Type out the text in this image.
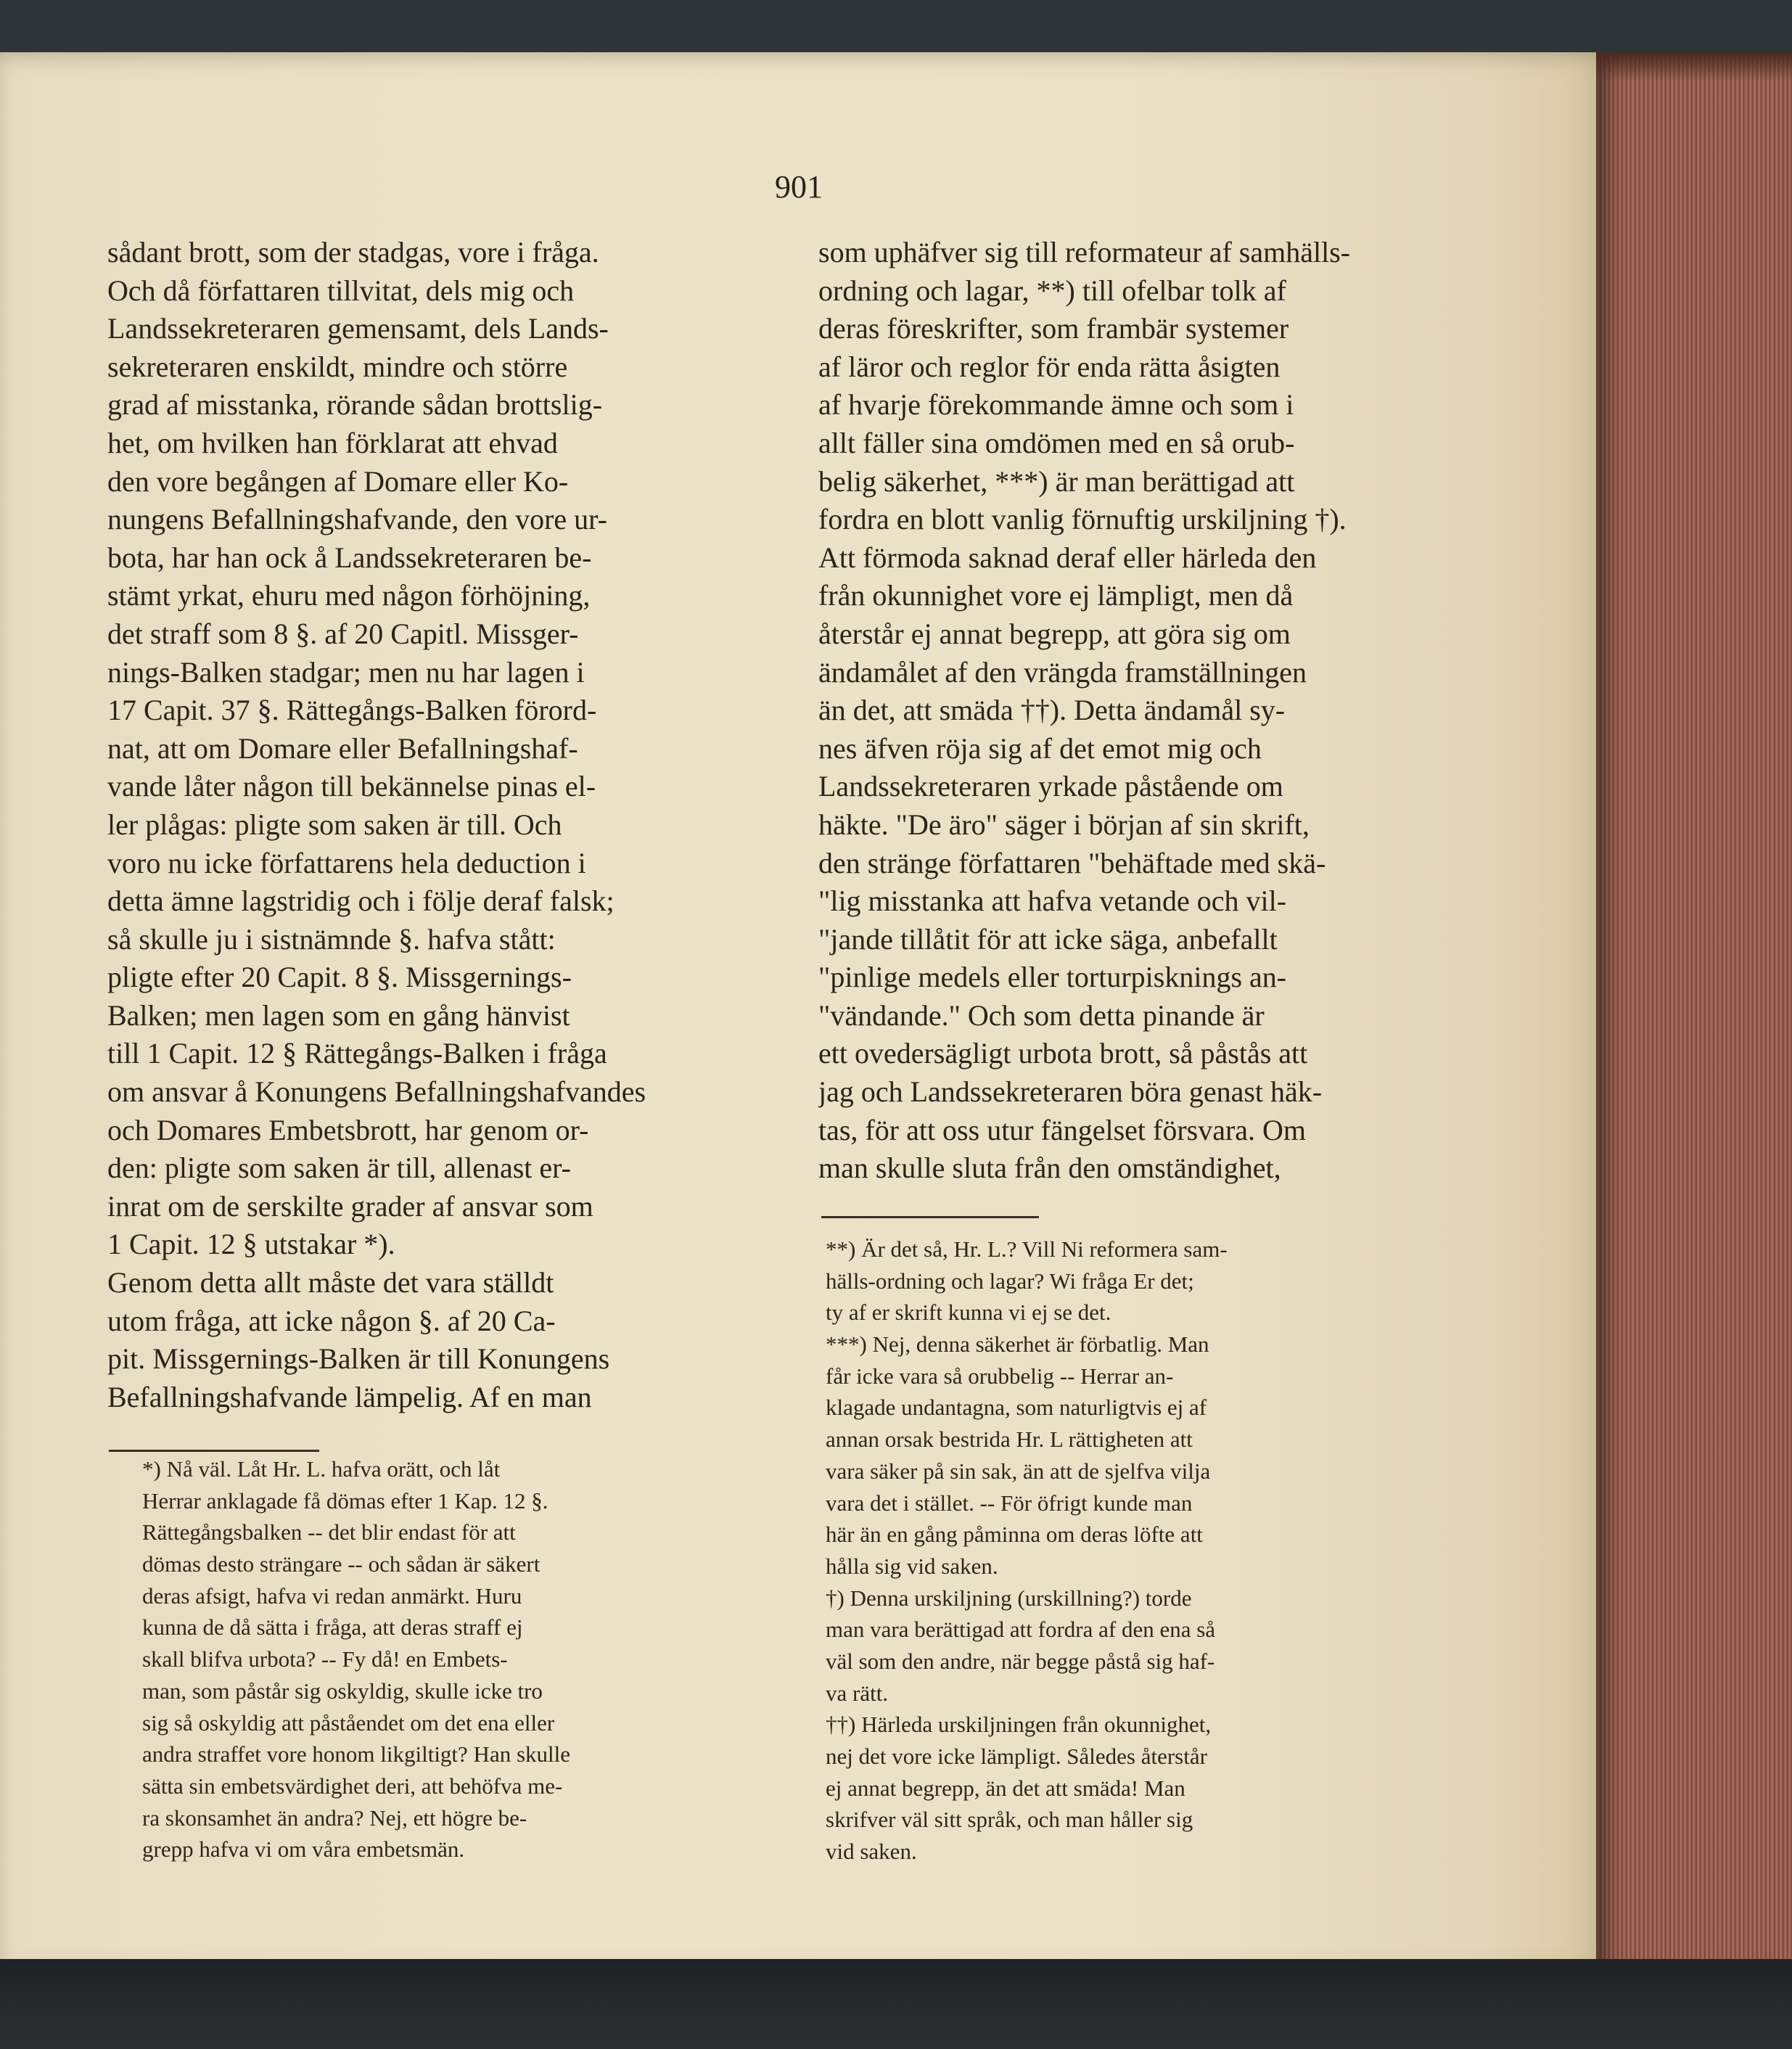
901
sådant brott, som der stadgas, vore i fråga.
Och då författaren tillvitat, dels mig och
Landssekreteraren gemensamt, dels Lands-
sekreteraren enskildt, mindre och större
grad af misstanka, rörande sådan brottslig-
het, om hvilken han förklarat att ehvad
den vore begången af Domare eller Ko-
nungens Befallningshafvande, den vore ur-
bota, har han ock å Landssekreteraren be-
stämt yrkat, ehuru med någon förhöjning,
det straff som 8 §. af 20 Capitl. Missger-
nings-Balken stadgar; men nu har lagen i
17 Capit. 37 §. Rättegångs-Balken förord-
nat, att om Domare eller Befallningshaf-
vande låter någon till bekännelse pinas el-
ler plågas: pligte som saken är till. Och
voro nu icke författarens hela deduction i
detta ämne lagstridig och i följe deraf falsk;
så skulle ju i sistnämnde §. hafva stått:
pligte efter 20 Capit. 8 §. Missgernings-
Balken; men lagen som en gång hänvist
till 1 Capit. 12 § Rättegångs-Balken i fråga
om ansvar å Konungens Befallningshafvandes
och Domares Embetsbrott, har genom or-
den: pligte som saken är till, allenast er-
inrat om de serskilte grader af ansvar som
1 Capit. 12 § utstakar *).
Genom detta allt måste det vara ställdt
utom fråga, att icke någon §. af 20 Ca-
pit. Missgernings-Balken är till Konungens
Befallningshafvande lämpelig. Af en man
som uphäfver sig till reformateur af samhälls-
ordning och lagar, **) till ofelbar tolk af
deras föreskrifter, som frambär systemer
af läror och reglor för enda rätta åsigten
af hvarje förekommande ämne och som i
allt fäller sina omdömen med en så orub-
belig säkerhet, ***) är man berättigad att
fordra en blott vanlig förnuftig urskiljning †).
Att förmoda saknad deraf eller härleda den
från okunnighet vore ej lämpligt, men då
återstår ej annat begrepp, att göra sig om
ändamålet af den vrängda framställningen
än det, att smäda ††). Detta ändamål sy-
nes äfven röja sig af det emot mig och
Landssekreteraren yrkade påstående om
häkte. "De äro" säger i början af sin skrift,
den stränge författaren "behäftade med skä-
"lig misstanka att hafva vetande och vil-
"jande tillåtit för att icke säga, anbefallt
"pinlige medels eller torturpisknings an-
"vändande." Och som detta pinande är
ett ovedersägligt urbota brott, så påstås att
jag och Landssekreteraren böra genast häk-
tas, för att oss utur fängelset försvara. Om
man skulle sluta från den omständighet,
*) Nå väl. Låt Hr. L. hafva orätt, och låt
Herrar anklagade få dömas efter 1 Kap. 12 §.
Rättegångsbalken -- det blir endast för att
dömas desto strängare -- och sådan är säkert
deras afsigt, hafva vi redan anmärkt. Huru
kunna de då sätta i fråga, att deras straff ej
skall blifva urbota? -- Fy då! en Embets-
man, som påstår sig oskyldig, skulle icke tro
sig så oskyldig att påståendet om det ena eller
andra straffet vore honom likgiltigt? Han skulle
sätta sin embetsvärdighet deri, att behöfva me-
ra skonsamhet än andra? Nej, ett högre be-
grepp hafva vi om våra embetsmän.
**) Är det så, Hr. L.? Vill Ni reformera sam-
hälls-ordning och lagar? Wi fråga Er det;
ty af er skrift kunna vi ej se det.
***) Nej, denna säkerhet är förbatlig. Man
får icke vara så orubbelig -- Herrar an-
klagade undantagna, som naturligtvis ej af
annan orsak bestrida Hr. L rättigheten att
vara säker på sin sak, än att de sjelfva vilja
vara det i stället. -- För öfrigt kunde man
här än en gång påminna om deras löfte att
hålla sig vid saken.
†) Denna urskiljning (urskillning?) torde
man vara berättigad att fordra af den ena så
väl som den andre, när begge påstå sig haf-
va rätt.
††) Härleda urskiljningen från okunnighet,
nej det vore icke lämpligt. Således återstår
ej annat begrepp, än det att smäda! Man
skrifver väl sitt språk, och man håller sig
vid saken.
